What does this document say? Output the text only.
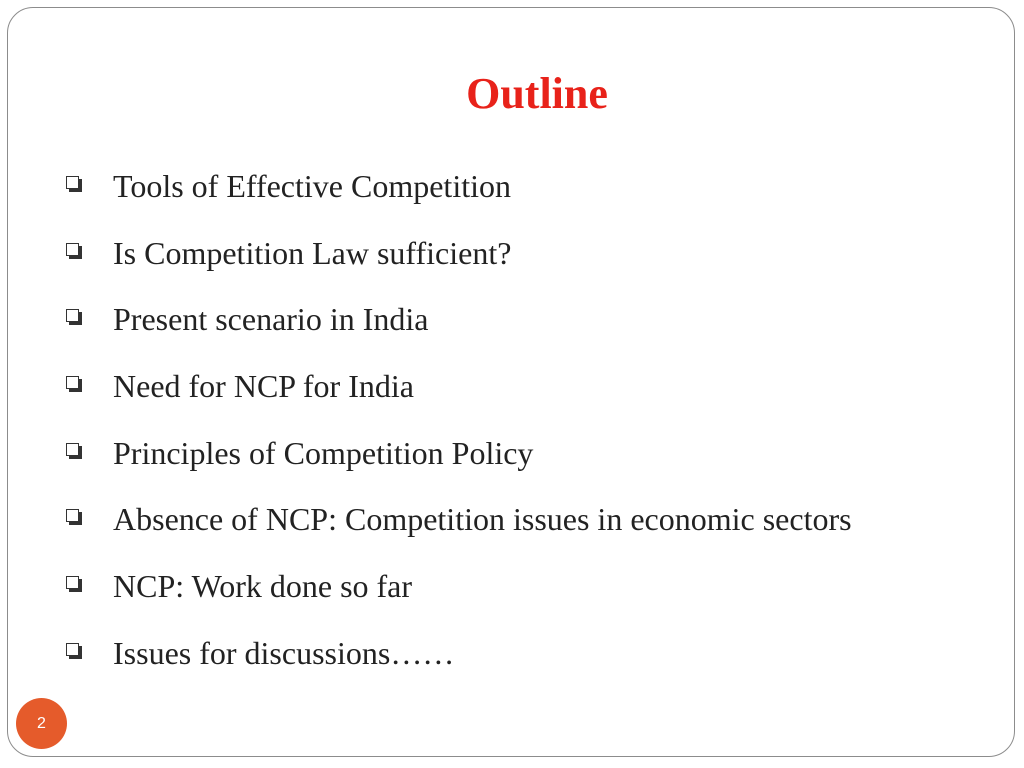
Outline
Tools of Effective Competition
Is Competition Law sufficient?
Present scenario in India
Need for NCP for India
Principles of Competition Policy
Absence of NCP: Competition issues in economic sectors
NCP: Work done so far
Issues for discussions……
2
